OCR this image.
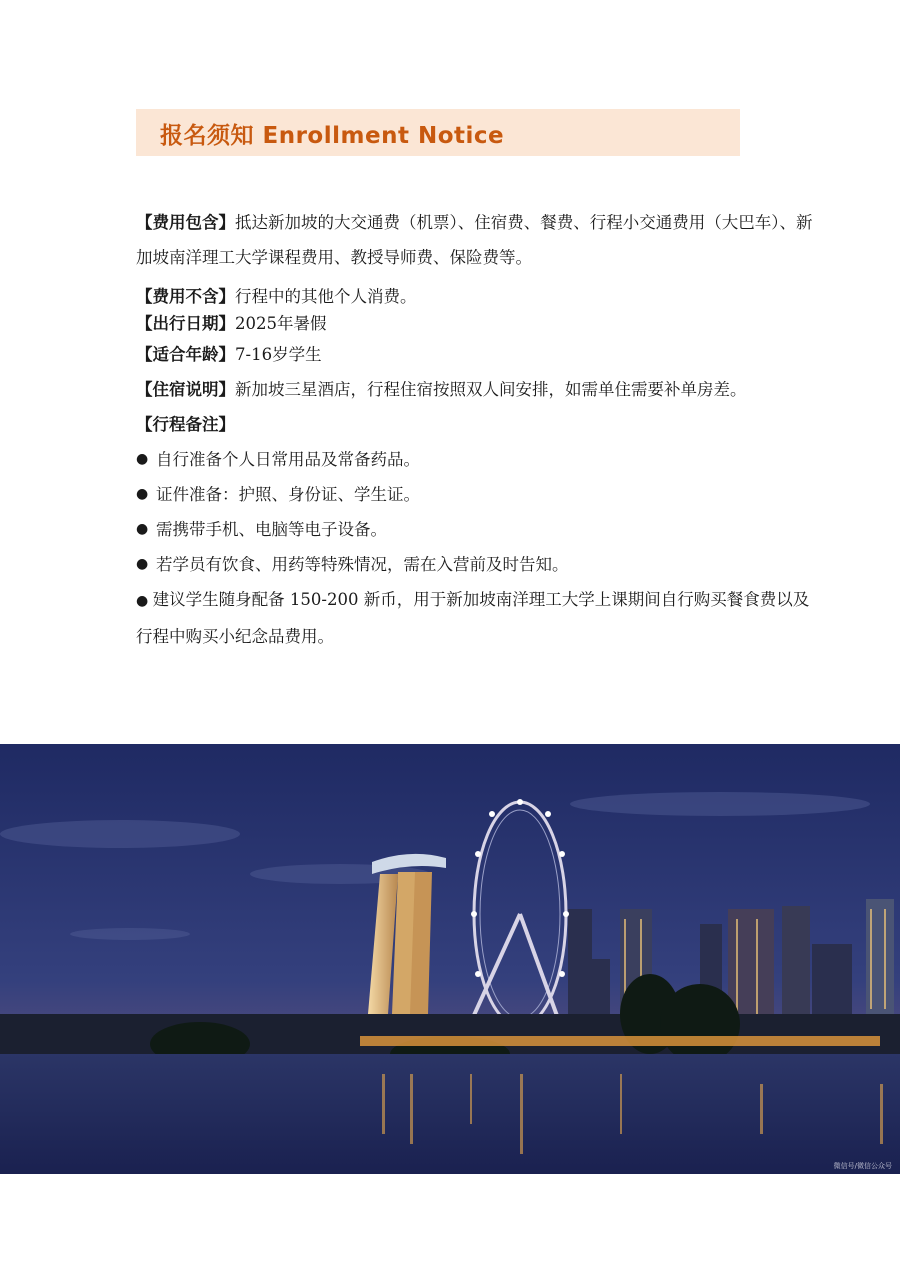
报名须知 Enrollment Notice

【费用包含】抵达新加坡的大交通费（机票）、住宿费、餐费、行程小交通费用（大巴车）、新加坡南洋理工大学课程费用、教授导师费、保险费等。

【费用不含】行程中的其他个人消费。

【出行日期】2025年暑假

【适合年龄】7-16岁学生

【住宿说明】新加坡三星酒店，行程住宿按照双人间安排，如需单住需要补单房差。

【行程备注】

● 自行准备个人日常用品及常备药品。

● 证件准备：护照、身份证、学生证。

● 需携带手机、电脑等电子设备。

● 若学员有饮食、用药等特殊情况，需在入营前及时告知。

● 建议学生随身配备 150-200 新币，用于新加坡南洋理工大学上课期间自行购买餐食费以及行程中购买小纪念品费用。

微信号/微信公众号
